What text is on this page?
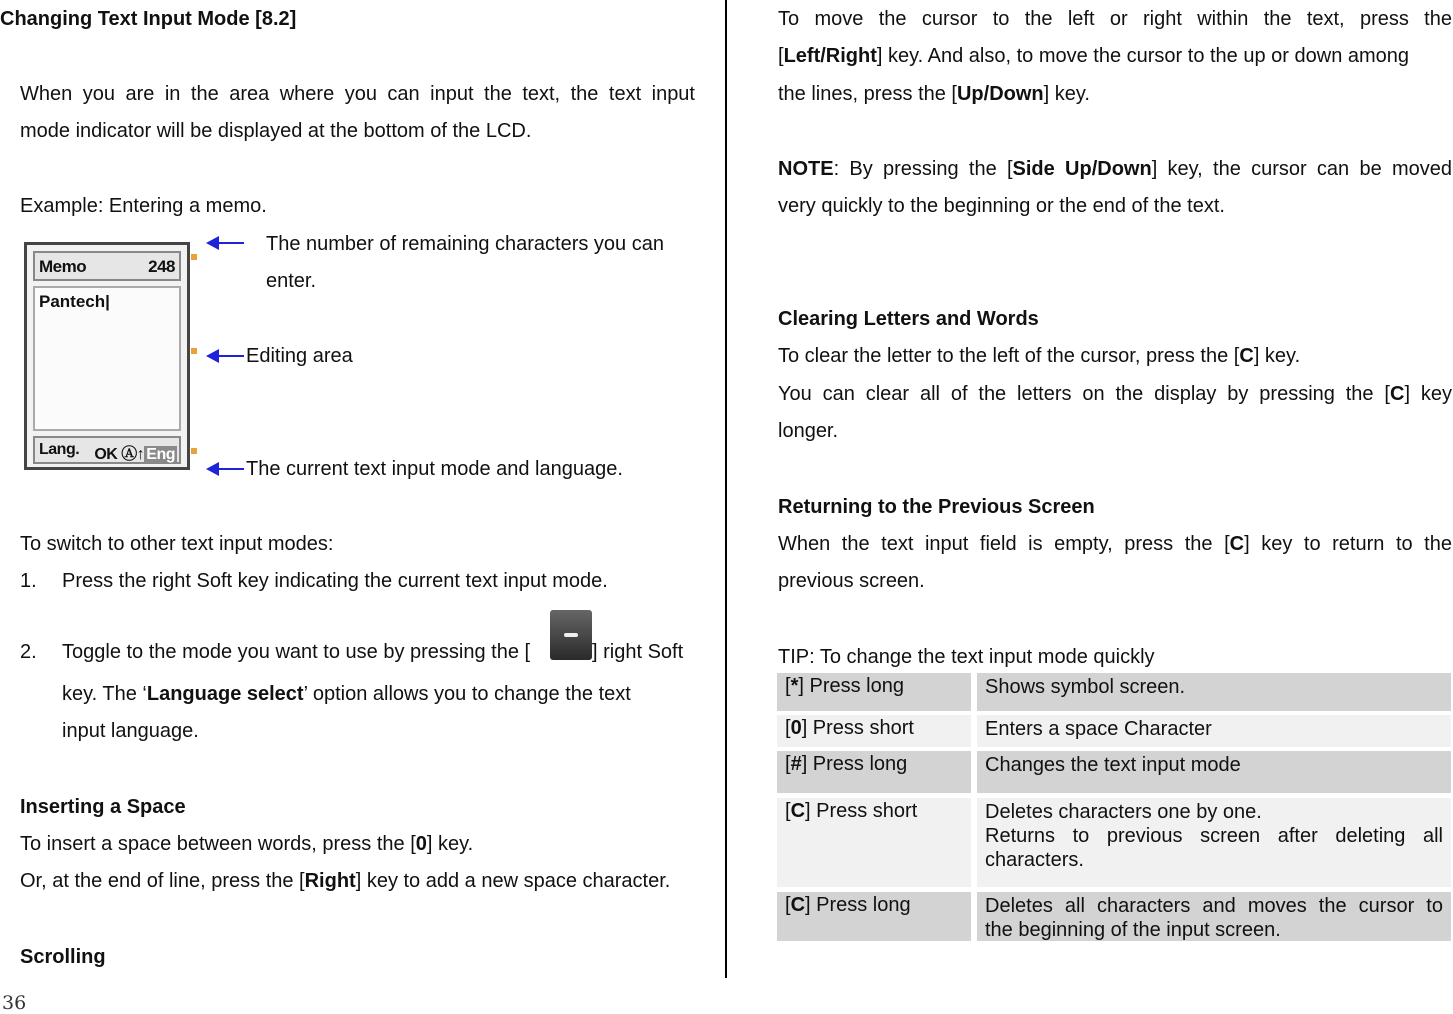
Changing Text Input Mode [8.2]
When you are in the area where you can input the text, the text input
mode indicator will be displayed at the bottom of the LCD.
Example: Entering a memo.
Memo	248
Pantech|
Lang. OK Ⓐ↑ Eng
The number of remaining characters you can
enter.
Editing area
The current text input mode and language.
To switch to other text input modes:
1. Press the right Soft key indicating the current text input mode.
2. Toggle to the mode you want to use by pressing the [	] right Soft
key. The ‘Language select’ option allows you to change the text
input language.
Inserting a Space
To insert a space between words, press the [0] key.
Or, at the end of line, press the [Right] key to add a new space character.
Scrolling
36
To move the cursor to the left or right within the text, press the
[Left/Right] key. And also, to move the cursor to the up or down among
the lines, press the [Up/Down] key.
NOTE: By pressing the [Side Up/Down] key, the cursor can be moved
very quickly to the beginning or the end of the text.
Clearing Letters and Words
To clear the letter to the left of the cursor, press the [C] key.
You can clear all of the letters on the display by pressing the [C] key
longer.
Returning to the Previous Screen
When the text input field is empty, press the [C] key to return to the
previous screen.
TIP: To change the text input mode quickly
[*] Press long	Shows symbol screen.
[0] Press short	Enters a space Character
[#] Press long	Changes the text input mode
[C] Press short	Deletes characters one by one.
Returns to previous screen after deleting all
characters.
[C] Press long	Deletes all characters and moves the cursor to
the beginning of the input screen.
